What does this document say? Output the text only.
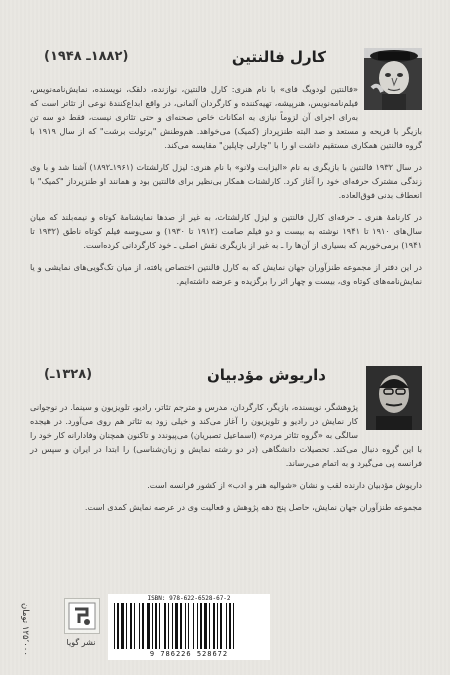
کارل فالنتین
(۱۸۸۲ـ ۱۹۴۸)

«فالنتین لودویگ فای» با نام هنری: کارل فالنتین، نوازنده، دلقک، نویسنده، نمایش‌نامه‌نویس، فیلم‌نامه‌نویس، هنرپیشه، تهیه‌کننده و کارگردان آلمانی، در واقع ابداع‌کنندهٔ نوعی از تئاتر است که به‌رای اجرای آن لزوماً نیازی به امکانات خاص صحنه‌ای و حتی تئاتری نیست، فقط دو سه تن بازیگر با قریحه و مستعد و صد البته طنزپرداز (کمیک) می‌خواهد. هم‌وطنش "برتولت برشت" که از سال ۱۹۱۹ با گروه فالنتین همکاری مستقیم داشت او را با "چارلی چاپلین" مقایسه می‌کند.

در سال ۱۹۳۲ فالنتین با بازیگری به نام «الیزابت ولانو» با نام هنری: لیزل کارلشتات (۱۹۶۱ـ۱۸۹۲) آشنا شد و با وی زندگی مشترک حرفه‌ای خود را آغاز کرد. کارلشتات همکار بی‌نظیر برای فالنتین بود و همانند او طنزپرداز "کمیک" با انعطاف بدنی فوق‌العاده.

در کارنامهٔ هنری ـ حرفه‌ای کارل فالنتین و لیزل کارلشتات، به غیر از صدها نمایشنامهٔ کوتاه و نیمه‌بلند که میان سال‌های ۱۹۱۰ تا ۱۹۴۱ نوشته به بیست و دو فیلم صامت (۱۹۱۲ تا ۱۹۳۰) و سی‌وسه فیلم کوتاه ناطق (۱۹۳۲ تا ۱۹۴۱) برمی‌خوریم که بسیاری از آن‌ها را ـ به غیر از بازیگری نقش اصلی ـ خود کارگردانی کرده‌است.

در این دفتر از مجموعه طنزآوران جهان نمایش که به کارل فالنتین اختصاص یافته، از میان تک‌گویی‌های نمایشی و یا نمایش‌نامه‌های کوتاه وی، بیست و چهار اثر را برگزیده و عرضه داشته‌ایم.

داریوش مؤدبیان
(۱۳۲۸ـ)

پژوهشگر، نویسنده، بازیگر، کارگردان، مدرس و مترجم تئاتر، رادیو، تلویزیون و سینما. در نوجوانی کار نمایش در رادیو و تلویزیون را آغاز می‌کند و خیلی زود به تئاتر هم روی می‌آورد. در هیجده سالگی به «گروه تئاتر مردم» (اسماعیل تصبریان) می‌پیوندد و تاکنون همچنان وفادارانه کار خود را با این گروه دنبال می‌کند. تحصیلات دانشگاهی (در دو رشته نمایش و زبان‌شناسی) را ابتدا در ایران و سپس در فرانسه پی می‌گیرد و به اتمام می‌رساند.

داریوش مؤدبیان دارنده لقب و نشان «شوالیه هنر و ادب» از کشور فرانسه است.

مجموعه طنزآوران جهان نمایش، حاصل پنج دهه پژوهش و فعالیت وی در عرصه نمایش کمدی است.

۱۲۵٬۰۰۰ تومان	نشر گویا
ISBN: 978-622-6528-67-2
9 786226 528672
